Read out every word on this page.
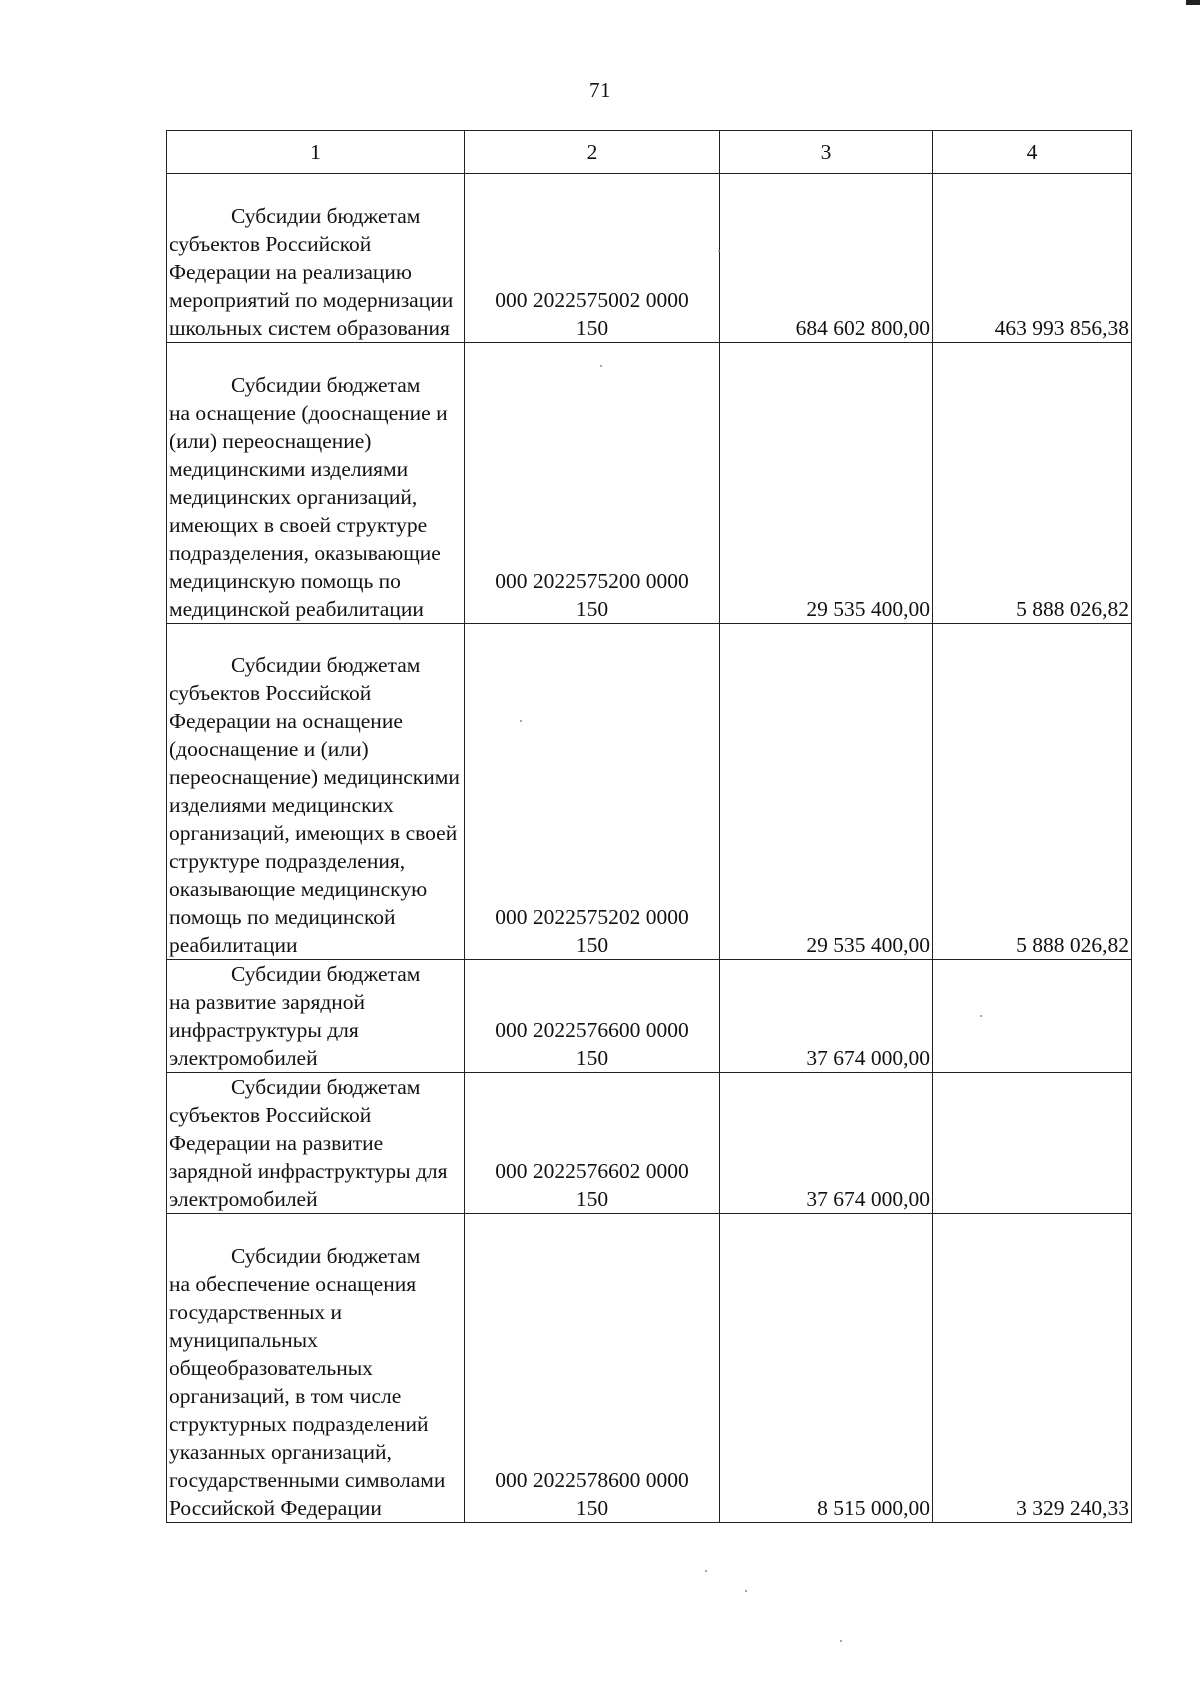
71
1	2	3	4

Субсидии бюджетам
субъектов Российской Федерации на реализацию мероприятий по модернизации школьных систем образования	000 2022575002 0000
150	684 602 800,00	463 993 856,38

Субсидии бюджетам
на оснащение (дооснащение и (или) переоснащение) медицинскими изделиями медицинских организаций, имеющих в своей структуре подразделения, оказывающие медицинскую помощь по медицинской реабилитации	000 2022575200 0000
150	29 535 400,00	5 888 026,82

Субсидии бюджетам
субъектов Российской Федерации на оснащение (дооснащение и (или) переоснащение) медицинскими изделиями медицинских организаций, имеющих в своей структуре подразделения, оказывающие медицинскую помощь по медицинской реабилитации	000 2022575202 0000
150	29 535 400,00	5 888 026,82

Субсидии бюджетам
на развитие зарядной инфраструктуры для электромобилей	000 2022576600 0000
150	37 674 000,00	

Субсидии бюджетам
субъектов Российской Федерации на развитие зарядной инфраструктуры для электромобилей	000 2022576602 0000
150	37 674 000,00	

Субсидии бюджетам
на обеспечение оснащения государственных и муниципальных общеобразовательных организаций, в том числе структурных подразделений указанных организаций, государственными символами Российской Федерации	000 2022578600 0000
150	8 515 000,00	3 329 240,33
